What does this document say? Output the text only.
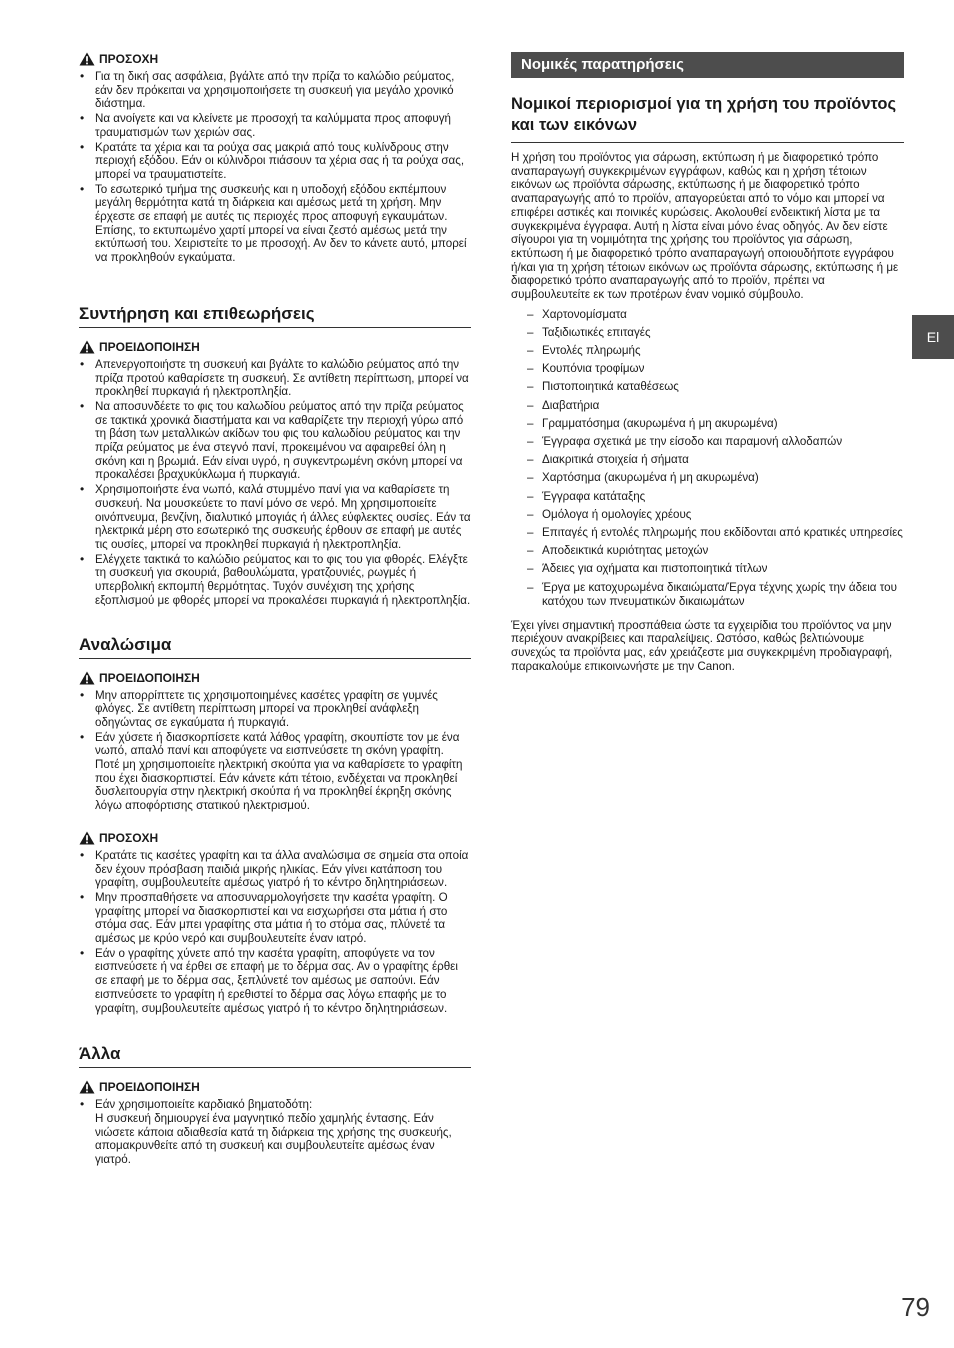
ΠΡΟΣΟΧΗ
• Για τη δική σας ασφάλεια, βγάλτε από την πρίζα το καλώδιο ρεύματος, εάν δεν πρόκειται να χρησιμοποιήσετε τη συσκευή για μεγάλο χρονικό διάστημα.
• Να ανοίγετε και να κλείνετε με προσοχή τα καλύμματα προς αποφυγή τραυματισμών των χεριών σας.
• Κρατάτε τα χέρια και τα ρούχα σας μακριά από τους κυλίνδρους στην περιοχή εξόδου. Εάν οι κύλινδροι πιάσουν τα χέρια σας ή τα ρούχα σας, μπορεί να τραυματιστείτε.
• Το εσωτερικό τμήμα της συσκευής και η υποδοχή εξόδου εκπέμπουν μεγάλη θερμότητα κατά τη διάρκεια και αμέσως μετά τη χρήση. Μην έρχεστε σε επαφή με αυτές τις περιοχές προς αποφυγή εγκαυμάτων. Επίσης, το εκτυπωμένο χαρτί μπορεί να είναι ζεστό αμέσως μετά την εκτύπωσή του. Χειριστείτε το με προσοχή. Αν δεν το κάνετε αυτό, μπορεί να προκληθούν εγκαύματα.
Συντήρηση και επιθεωρήσεις
ΠΡΟΕΙΔΟΠΟΙΗΣΗ
• Απενεργοποιήστε τη συσκευή και βγάλτε το καλώδιο ρεύματος από την πρίζα προτού καθαρίσετε τη συσκευή. Σε αντίθετη περίπτωση, μπορεί να προκληθεί πυρκαγιά ή ηλεκτροπληξία.
• Να αποσυνδέετε το φις του καλωδίου ρεύματος από την πρίζα ρεύματος σε τακτικά χρονικά διαστήματα και να καθαρίζετε την περιοχή γύρω από τη βάση των μεταλλικών ακίδων του φις του καλωδίου ρεύματος και την πρίζα ρεύματος με ένα στεγνό πανί, προκειμένου να αφαιρεθεί όλη η σκόνη και η βρωμιά. Εάν είναι υγρό, η συγκεντρωμένη σκόνη μπορεί να προκαλέσει βραχυκύκλωμα ή πυρκαγιά.
• Χρησιμοποιήστε ένα νωπό, καλά στυμμένο πανί για να καθαρίσετε τη συσκευή. Να μουσκεύετε το πανί μόνο σε νερό. Μη χρησιμοποιείτε οινόπνευμα, βενζίνη, διαλυτικό μπογιάς ή άλλες εύφλεκτες ουσίες. Εάν τα ηλεκτρικά μέρη στο εσωτερικό της συσκευής έρθουν σε επαφή με αυτές τις ουσίες, μπορεί να προκληθεί πυρκαγιά ή ηλεκτροπληξία.
• Ελέγχετε τακτικά το καλώδιο ρεύματος και το φις του για φθορές. Ελέγξτε τη συσκευή για σκουριά, βαθουλώματα, γρατζουνιές, ρωγμές ή υπερβολική εκπομπή θερμότητας. Τυχόν συνέχιση της χρήσης εξοπλισμού με φθορές μπορεί να προκαλέσει πυρκαγιά ή ηλεκτροπληξία.
Αναλώσιμα
ΠΡΟΕΙΔΟΠΟΙΗΣΗ
• Μην απορρίπτετε τις χρησιμοποιημένες κασέτες γραφίτη σε γυμνές φλόγες. Σε αντίθετη περίπτωση μπορεί να προκληθεί ανάφλεξη οδηγώντας σε εγκαύματα ή πυρκαγιά.
• Εάν χύσετε ή διασκορπίσετε κατά λάθος γραφίτη, σκουπίστε τον με ένα νωπό, απαλό πανί και αποφύγετε να εισπνεύσετε τη σκόνη γραφίτη. Ποτέ μη χρησιμοποιείτε ηλεκτρική σκούπα για να καθαρίσετε το γραφίτη που έχει διασκορπιστεί. Εάν κάνετε κάτι τέτοιο, ενδέχεται να προκληθεί δυσλειτουργία στην ηλεκτρική σκούπα ή να προκληθεί έκρηξη σκόνης λόγω αποφόρτισης στατικού ηλεκτρισμού.
ΠΡΟΣΟΧΗ
• Κρατάτε τις κασέτες γραφίτη και τα άλλα αναλώσιμα σε σημεία στα οποία δεν έχουν πρόσβαση παιδιά μικρής ηλικίας. Εάν γίνει κατάποση του γραφίτη, συμβουλευτείτε αμέσως γιατρό ή το κέντρο δηλητηριάσεων.
• Μην προσπαθήσετε να αποσυναρμολογήσετε την κασέτα γραφίτη. Ο γραφίτης μπορεί να διασκορπιστεί και να εισχωρήσει στα μάτια ή στο στόμα σας. Εάν μπει γραφίτης στα μάτια ή το στόμα σας, πλύνετέ τα αμέσως με κρύο νερό και συμβουλευτείτε έναν ιατρό.
• Εάν ο γραφίτης χύνετε από την κασέτα γραφίτη, αποφύγετε να τον εισπνεύσετε ή να έρθει σε επαφή με το δέρμα σας. Αν ο γραφίτης έρθει σε επαφή με το δέρμα σας, ξεπλύνετέ τον αμέσως με σαπούνι. Εάν εισπνεύσετε το γραφίτη ή ερεθιστεί το δέρμα σας λόγω επαφής με το γραφίτη, συμβουλευτείτε αμέσως γιατρό ή το κέντρο δηλητηριάσεων.
Άλλα
ΠΡΟΕΙΔΟΠΟΙΗΣΗ
• Εάν χρησιμοποιείτε καρδιακό βηματοδότη:
Η συσκευή δημιουργεί ένα μαγνητικό πεδίο χαμηλής έντασης. Εάν νιώσετε κάποια αδιαθεσία κατά τη διάρκεια της χρήσης της συσκευής, απομακρυνθείτε από τη συσκευή και συμβουλευτείτε αμέσως έναν γιατρό.
Νομικές παρατηρήσεις
Νομικοί περιορισμοί για τη χρήση του προϊόντος και των εικόνων

Η χρήση του προϊόντος για σάρωση, εκτύπωση ή με διαφορετικό τρόπο αναπαραγωγή συγκεκριμένων εγγράφων, καθώς και η χρήση τέτοιων εικόνων ως προϊόντα σάρωσης, εκτύπωσης ή με διαφορετικό τρόπο αναπαραγωγής από το προϊόν, απαγορεύεται από το νόμο και μπορεί να επιφέρει αστικές και ποινικές κυρώσεις. Ακολουθεί ενδεικτική λίστα με τα συγκεκριμένα έγγραφα. Αυτή η λίστα είναι μόνο ένας οδηγός. Αν δεν είστε σίγουροι για τη νομιμότητα της χρήσης του προϊόντος για σάρωση, εκτύπωση ή με διαφορετικό τρόπο αναπαραγωγή οποιουδήποτε εγγράφου ή/και για τη χρήση τέτοιων εικόνων ως προϊόντα σάρωσης, εκτύπωσης ή με διαφορετικό τρόπο αναπαραγωγής από το προϊόν, πρέπει να συμβουλευτείτε εκ των προτέρων έναν νομικό σύμβουλο.

– Χαρτονομίσματα
– Ταξιδιωτικές επιταγές
– Εντολές πληρωμής
– Κουπόνια τροφίμων
– Πιστοποιητικά καταθέσεως
– Διαβατήρια
– Γραμματόσημα (ακυρωμένα ή μη ακυρωμένα)
– Έγγραφα σχετικά με την είσοδο και παραμονή αλλοδαπών
– Διακριτικά στοιχεία ή σήματα
– Χαρτόσημα (ακυρωμένα ή μη ακυρωμένα)
– Έγγραφα κατάταξης
– Ομόλογα ή ομολογίες χρέους
– Επιταγές ή εντολές πληρωμής που εκδίδονται από κρατικές υπηρεσίες
– Αποδεικτικά κυριότητας μετοχών
– Άδειες για οχήματα και πιστοποιητικά τίτλων
– Έργα με κατοχυρωμένα δικαιώματα/Έργα τέχνης χωρίς την άδεια του κατόχου των πνευματικών δικαιωμάτων

Έχει γίνει σημαντική προσπάθεια ώστε τα εγχειρίδια του προϊόντος να μην περιέχουν ανακρίβειες και παραλείψεις. Ωστόσο, καθώς βελτιώνουμε συνεχώς τα προϊόντα μας, εάν χρειάζεστε μια συγκεκριμένη προδιαγραφή, παρακαλούμε επικοινωνήστε με την Canon.

El
79
